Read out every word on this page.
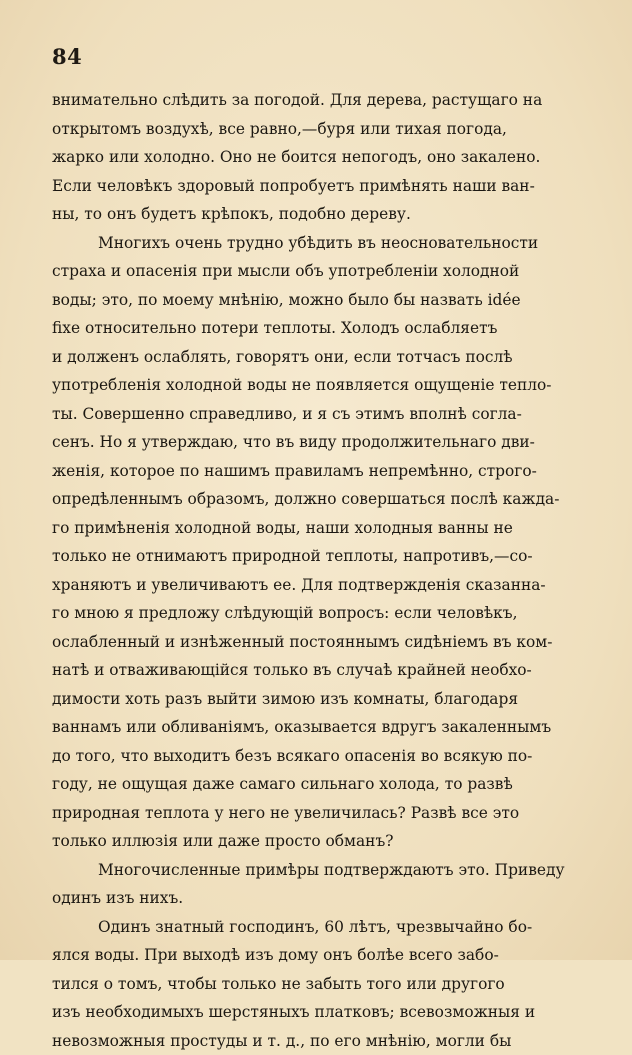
84
внимательно слѣдить за погодой. Для дерева, растущаго на
открытомъ воздухѣ, все равно,—буря или тихая погода,
жарко или холодно. Оно не боится непогодъ, оно закалено.
Если человѣкъ здоровый попробуетъ примѣнять наши ван-
ны, то онъ будетъ крѣпокъ, подобно дереву.
Многихъ очень трудно убѣдить въ неосновательности
страха и опасенія при мысли объ употребленіи холодной
воды; это, по моему мнѣнію, можно было бы назвать idée
fixe относительно потери теплоты. Холодъ ослабляетъ
и долженъ ослаблять, говорятъ они, если тотчасъ послѣ
употребленія холодной воды не появляется ощущеніе тепло-
ты. Совершенно справедливо, и я съ этимъ вполнѣ согла-
сенъ. Но я утверждаю, что въ виду продолжительнаго дви-
женія, которое по нашимъ правиламъ непремѣнно, строго-
опредѣленнымъ образомъ, должно совершаться послѣ кажда-
го примѣненія холодной воды, наши холодныя ванны не
только не отнимаютъ природной теплоты, напротивъ,—со-
храняютъ и увеличиваютъ ее. Для подтвержденія сказанна-
го мною я предложу слѣдующій вопросъ: если человѣкъ,
ослабленный и изнѣженный постояннымъ сидѣніемъ въ ком-
натѣ и отваживающійся только въ случаѣ крайней необхо-
димости хоть разъ выйти зимою изъ комнаты, благодаря
ваннамъ или обливаніямъ, оказывается вдругъ закаленнымъ
до того, что выходитъ безъ всякаго опасенія во всякую по-
году, не ощущая даже самаго сильнаго холода, то развѣ
природная теплота у него не увеличилась? Развѣ все это
только иллюзія или даже просто обманъ?
Многочисленные примѣры подтверждаютъ это. Приведу
одинъ изъ нихъ.
Одинъ знатный господинъ, 60 лѣтъ, чрезвычайно бо-
ялся воды. При выходѣ изъ дому онъ болѣе всего забо-
тился о томъ, чтобы только не забыть того или другого
изъ необходимыхъ шерстяныхъ платковъ; всевозможныя и
невозможныя простуды и т. д., по его мнѣнію, могли бы
